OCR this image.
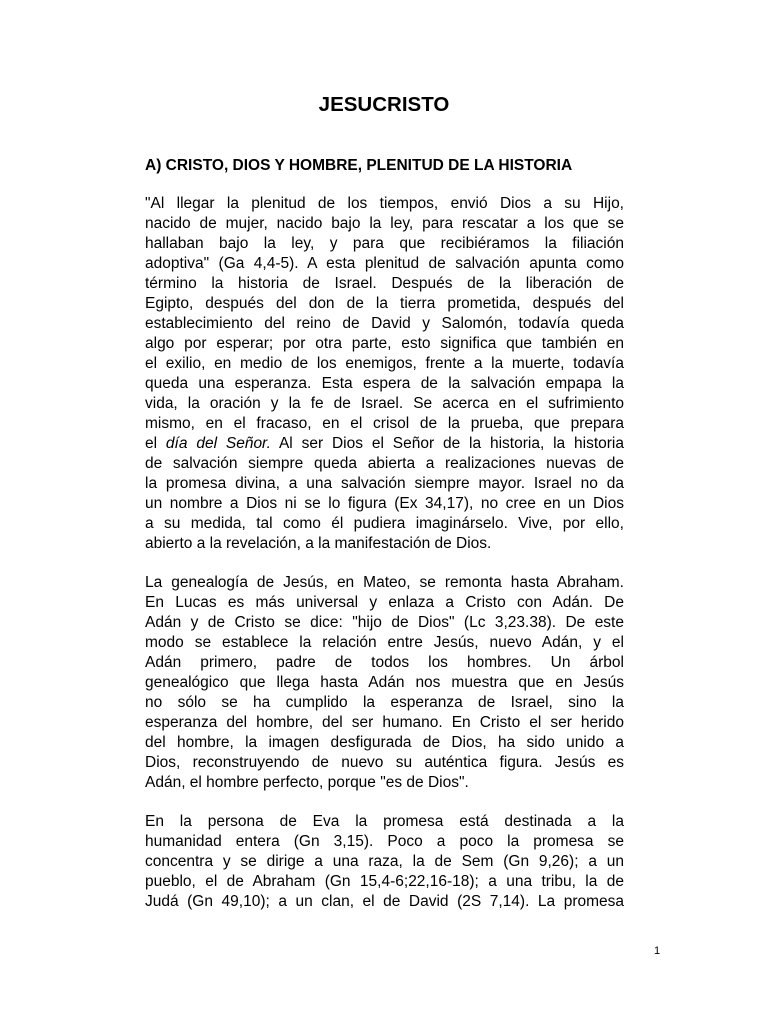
JESUCRISTO
A) CRISTO, DIOS Y HOMBRE, PLENITUD DE LA HISTORIA
"Al llegar la plenitud de los tiempos, envió Dios a su Hijo,
nacido de mujer, nacido bajo la ley, para rescatar a los que se
hallaban bajo la ley, y para que recibiéramos la filiación
adoptiva" (Ga 4,4-5). A esta plenitud de salvación apunta como
término la historia de Israel. Después de la liberación de
Egipto, después del don de la tierra prometida, después del
establecimiento del reino de David y Salomón, todavía queda
algo por esperar; por otra parte, esto significa que también en
el exilio, en medio de los enemigos, frente a la muerte, todavía
queda una esperanza. Esta espera de la salvación empapa la
vida, la oración y la fe de Israel. Se acerca en el sufrimiento
mismo, en el fracaso, en el crisol de la prueba, que prepara
el día del Señor. Al ser Dios el Señor de la historia, la historia
de salvación siempre queda abierta a realizaciones nuevas de
la promesa divina, a una salvación siempre mayor. Israel no da
un nombre a Dios ni se lo figura (Ex 34,17), no cree en un Dios
a su medida, tal como él pudiera imaginárselo. Vive, por ello,
abierto a la revelación, a la manifestación de Dios.
La genealogía de Jesús, en Mateo, se remonta hasta Abraham.
En Lucas es más universal y enlaza a Cristo con Adán. De
Adán y de Cristo se dice: "hijo de Dios" (Lc 3,23.38). De este
modo se establece la relación entre Jesús, nuevo Adán, y el
Adán primero, padre de todos los hombres. Un árbol
genealógico que llega hasta Adán nos muestra que en Jesús
no sólo se ha cumplido la esperanza de Israel, sino la
esperanza del hombre, del ser humano. En Cristo el ser herido
del hombre, la imagen desfigurada de Dios, ha sido unido a
Dios, reconstruyendo de nuevo su auténtica figura. Jesús es
Adán, el hombre perfecto, porque "es de Dios".
En la persona de Eva la promesa está destinada a la
humanidad entera (Gn 3,15). Poco a poco la promesa se
concentra y se dirige a una raza, la de Sem (Gn 9,26); a un
pueblo, el de Abraham (Gn 15,4-6;22,16-18); a una tribu, la de
Judá (Gn 49,10); a un clan, el de David (2S 7,14). La promesa
1
